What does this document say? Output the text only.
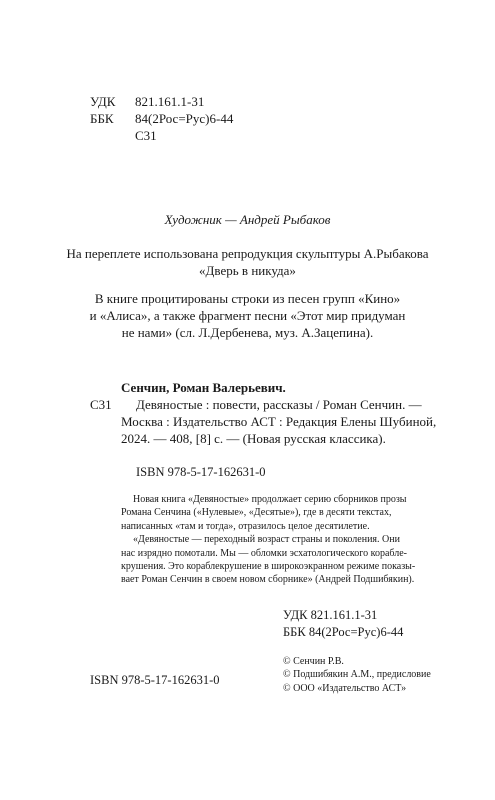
УДК	821.161.1-31
ББК	84(2Рос=Рус)6-44
С31
Художник — Андрей Рыбаков
На переплете использована репродукция скульптуры А.Рыбакова
«Дверь в никуда»
В книге процитированы строки из песен групп «Кино»
и «Алиса», а также фрагмент песни «Этот мир придуман
не нами» (сл. Л.Дербенева, муз. А.Зацепина).
Сенчин, Роман Валерьевич.
С31 Девяностые : повести, рассказы / Роман Сенчин. —
Москва : Издательство АСТ : Редакция Елены Шубиной,
2024. — 408, [8] с. — (Новая русская классика).
ISBN 978-5-17-162631-0
Новая книга «Девяностые» продолжает серию сборников прозы
Романа Сенчина («Нулевые», «Десятые»), где в десяти текстах,
написанных «там и тогда», отразилось целое десятилетие.
«Девяностые — переходный возраст страны и поколения. Они
нас изрядно помотали. Мы — обломки эсхатологического корабле-
крушения. Это кораблекрушение в широкоэкранном режиме показы-
вает Роман Сенчин в своем новом сборнике» (Андрей Подшибякин).
УДК 821.161.1-31
ББК 84(2Рос=Рус)6-44
ISBN 978-5-17-162631-0
© Сенчин Р.В.
© Подшибякин А.М., предисловие
© ООО «Издательство АСТ»
